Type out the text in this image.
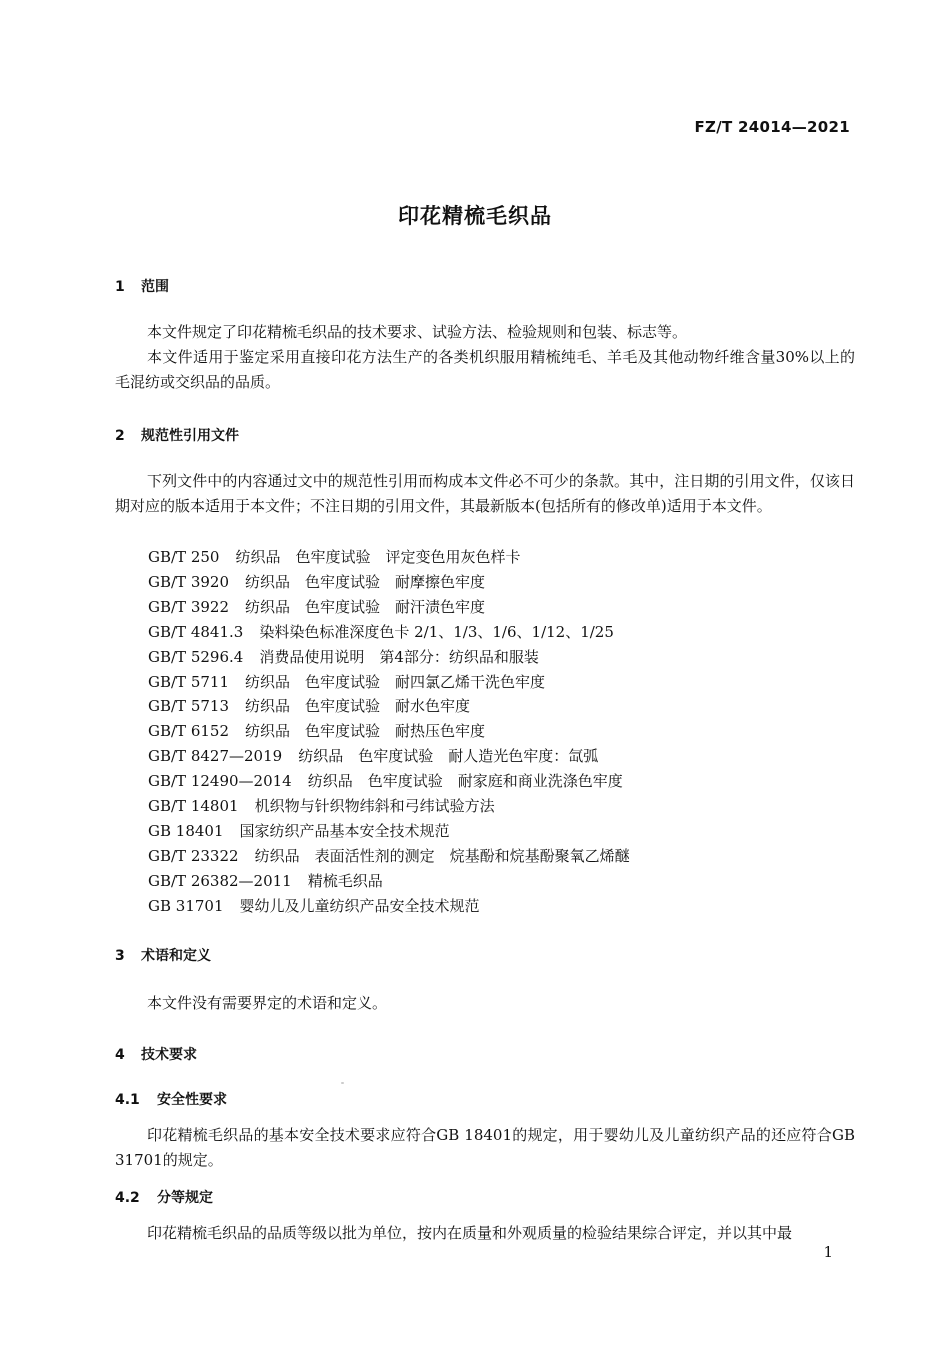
FZ/T 24014—2021
印花精梳毛织品
1 范围
本文件规定了印花精梳毛织品的技术要求、试验方法、检验规则和包装、标志等。
本文件适用于鉴定采用直接印花方法生产的各类机织服用精梳纯毛、羊毛及其他动物纤维含量30%以上的毛混纺或交织品的品质。
2 规范性引用文件
下列文件中的内容通过文中的规范性引用而构成本文件必不可少的条款。其中，注日期的引用文件，仅该日期对应的版本适用于本文件；不注日期的引用文件，其最新版本(包括所有的修改单)适用于本文件。
GB/T 250 纺织品　色牢度试验　评定变色用灰色样卡
GB/T 3920 纺织品　色牢度试验　耐摩擦色牢度
GB/T 3922 纺织品　色牢度试验　耐汗渍色牢度
GB/T 4841.3 染料染色标准深度色卡 2/1、1/3、1/6、1/12、1/25
GB/T 5296.4 消费品使用说明　第4部分：纺织品和服装
GB/T 5711 纺织品　色牢度试验　耐四氯乙烯干洗色牢度
GB/T 5713 纺织品　色牢度试验　耐水色牢度
GB/T 6152 纺织品　色牢度试验　耐热压色牢度
GB/T 8427—2019 纺织品　色牢度试验　耐人造光色牢度：氙弧
GB/T 12490—2014 纺织品　色牢度试验　耐家庭和商业洗涤色牢度
GB/T 14801 机织物与针织物纬斜和弓纬试验方法
GB 18401 国家纺织产品基本安全技术规范
GB/T 23322 纺织品　表面活性剂的测定　烷基酚和烷基酚聚氧乙烯醚
GB/T 26382—2011 精梳毛织品
GB 31701 婴幼儿及儿童纺织产品安全技术规范
3 术语和定义
本文件没有需要界定的术语和定义。
4 技术要求
4.1 安全性要求
印花精梳毛织品的基本安全技术要求应符合GB 18401的规定，用于婴幼儿及儿童纺织产品的还应符合GB 31701的规定。
4.2 分等规定
印花精梳毛织品的品质等级以批为单位，按内在质量和外观质量的检验结果综合评定，并以其中最
1
